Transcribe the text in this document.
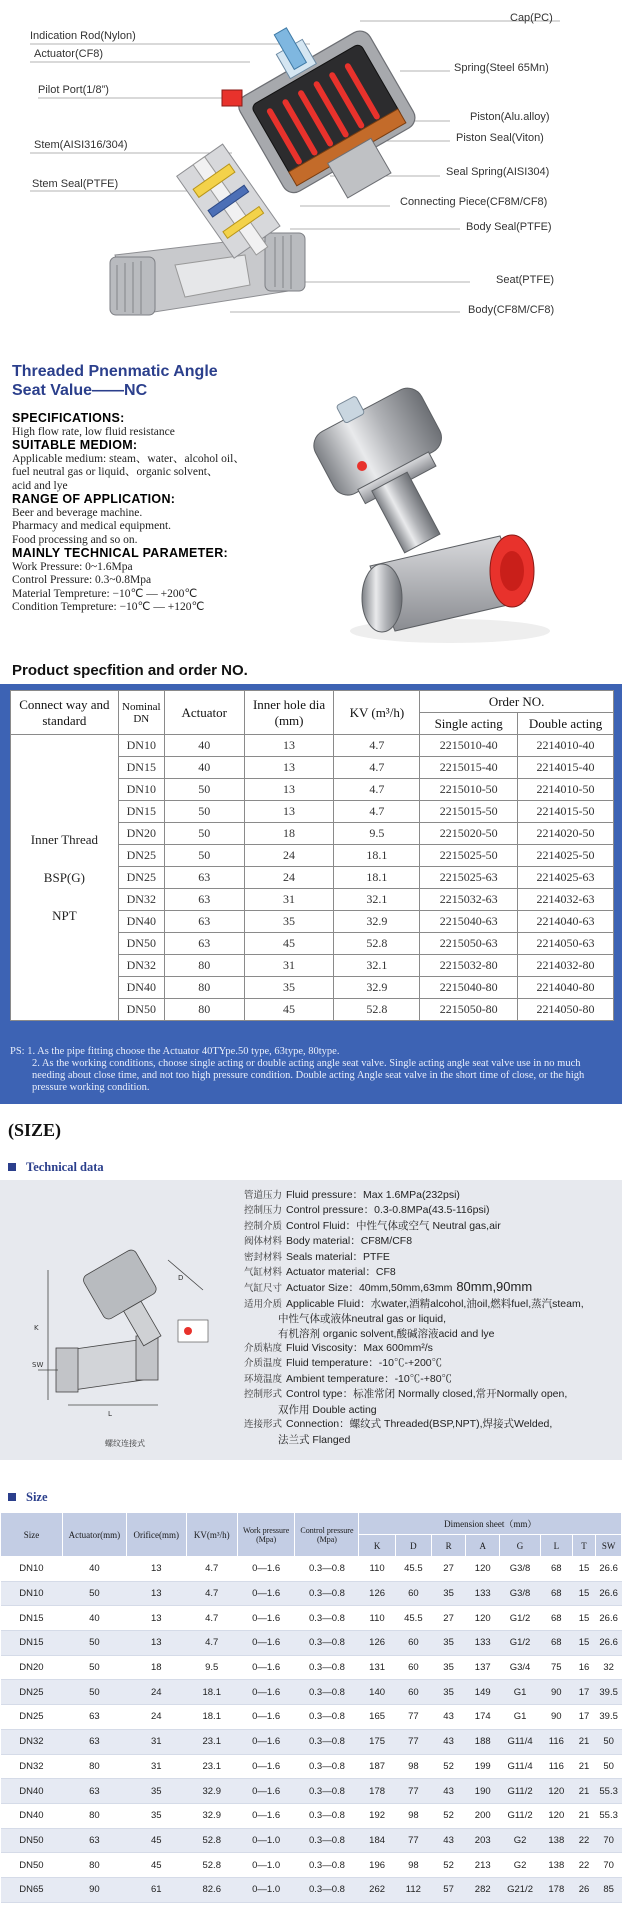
Indication Rod(Nylon)
Actuator(CF8)
Pilot Port(1/8”)
Stem(AISI316/304)
Stem Seal(PTFE)
Cap(PC)
Spring(Steel 65Mn)
Piston(Alu.alloy)
Piston Seal(Viton)
Seal Spring(AISI304)
Connecting Piece(CF8M/CF8)
Body Seal(PTFE)
Seat(PTFE)
Body(CF8M/CF8)
Threaded Pnenmatic Angle
Seat Value——NC
SPECIFICATIONS:
High flow rate, low fluid resistance
SUITABLE MEDIOM:
Applicable medium: steam、water、alcohol oil、
fuel neutral gas or liquid、organic solvent、
acid and lye
RANGE OF APPLICATION:
Beer and beverage machine.
Pharmacy and medical equipment.
Food processing and so on.
MAINLY TECHNICAL PARAMETER:
Work Pressure: 0~1.6Mpa
Control Pressure: 0.3~0.8Mpa
Material Tempreture: −10℃ — +200℃
Condition Tempreture: −10℃ — +120℃
Product specfition and order NO.
Connect way and standard	Nominal DN	Actuator	Inner hole dia (mm)	KV (m³/h)	Order NO.	
					Single acting	Double acting

Inner Thread
BSP(G)
NPT	DN10	40	13	4.7	2215010-40	2214010-40
	DN15	40	13	4.7	2215015-40	2214015-40
	DN10	50	13	4.7	2215010-50	2214010-50
	DN15	50	13	4.7	2215015-50	2214015-50
	DN20	50	18	9.5	2215020-50	2214020-50
	DN25	50	24	18.1	2215025-50	2214025-50
	DN25	63	24	18.1	2215025-63	2214025-63
	DN32	63	31	32.1	2215032-63	2214032-63
	DN40	63	35	32.9	2215040-63	2214040-63
	DN50	63	45	52.8	2215050-63	2214050-63
	DN32	80	31	32.1	2215032-80	2214032-80
	DN40	80	35	32.9	2215040-80	2214040-80
	DN50	80	45	52.8	2215050-80	2214050-80
PS: 1. As the pipe fitting choose the Actuator 40TYpe.50 type, 63type, 80type.
2. As the working conditions, choose single acting or double acting angle seat valve. Single acting angle seat valve use in no much needing about close time, and not too high pressure condition. Double acting Angle seat valve in the short time of close, or the high pressure working condition.
(SIZE)
Technical data
K
SW
L
D
螺纹连接式
管道压力 Fluid pressure：Max 1.6MPa(232psi)
控制压力 Control pressure：0.3-0.8MPa(43.5-116psi)
控制介质 Control Fluid：中性气体或空气 Neutral gas,air
阀体材料 Body material：CF8M/CF8
密封材料 Seals material：PTFE
气缸材料 Actuator material：CF8
气缸尺寸 Actuator Size：40mm,50mm,63mm 80mm,90mm
适用介质 Applicable Fluid：水water,酒精alcohol,油oil,燃料fuel,蒸汽steam,
中性气体或液体neutral gas or liquid,
有机溶剂 organic solvent,酸碱溶液acid and lye
介质粘度 Fluid Viscosity：Max 600mm²/s
介质温度 Fluid temperature：-10℃-+200℃
环境温度 Ambient temperature：-10℃-+80℃
控制形式 Control type：标准常闭 Normally closed,常开Normally open,
双作用 Double acting
连接形式 Connection：螺纹式 Threaded(BSP,NPT),焊接式Welded,
法兰式 Flanged
Size
Size	Actuator(mm)	Orifice(mm)	KV(m³/h)	Work pressure
(Mpa)	Control pressure
(Mpa)	Dimension sheet（mm）							
						K	D	R	A	G	L	T	SW
DN10	40	13	4.7	0—1.6	0.3—0.8	110	45.5	27	120	G3/8	68	15	26.6
DN10	50	13	4.7	0—1.6	0.3—0.8	126	60	35	133	G3/8	68	15	26.6
DN15	40	13	4.7	0—1.6	0.3—0.8	110	45.5	27	120	G1/2	68	15	26.6
DN15	50	13	4.7	0—1.6	0.3—0.8	126	60	35	133	G1/2	68	15	26.6
DN20	50	18	9.5	0—1.6	0.3—0.8	131	60	35	137	G3/4	75	16	32
DN25	50	24	18.1	0—1.6	0.3—0.8	140	60	35	149	G1	90	17	39.5
DN25	63	24	18.1	0—1.6	0.3—0.8	165	77	43	174	G1	90	17	39.5
DN32	63	31	23.1	0—1.6	0.3—0.8	175	77	43	188	G11/4	116	21	50
DN32	80	31	23.1	0—1.6	0.3—0.8	187	98	52	199	G11/4	116	21	50
DN40	63	35	32.9	0—1.6	0.3—0.8	178	77	43	190	G11/2	120	21	55.3
DN40	80	35	32.9	0—1.6	0.3—0.8	192	98	52	200	G11/2	120	21	55.3
DN50	63	45	52.8	0—1.0	0.3—0.8	184	77	43	203	G2	138	22	70
DN50	80	45	52.8	0—1.0	0.3—0.8	196	98	52	213	G2	138	22	70
DN65	90	61	82.6	0—1.0	0.3—0.8	262	112	57	282	G21/2	178	26	85
